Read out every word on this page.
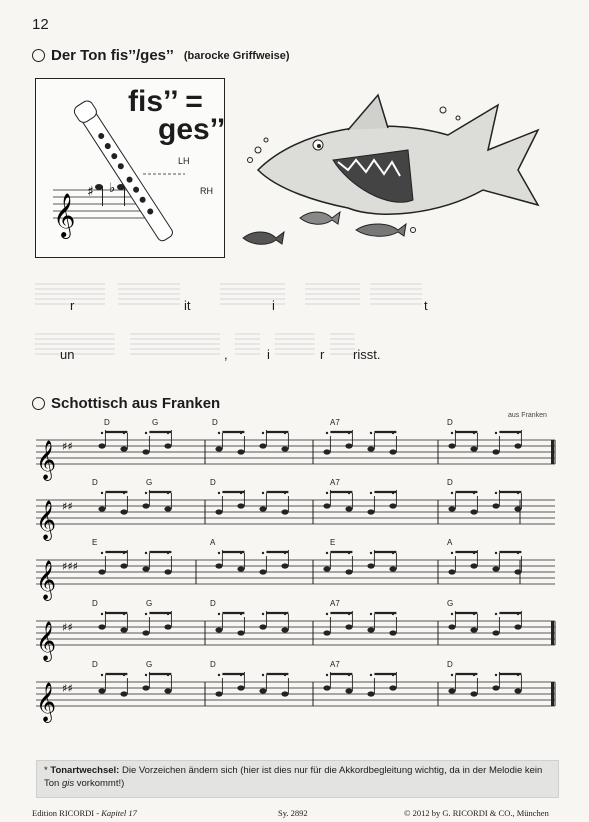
12
Der Ton fis’’/ges’’ (barocke Griffweise)
𝄞
♯ ♭
fis’’ =
ges’’
LH
RH
r	it	i	t
un	,	i	r risst.
Schottisch aus Franken
aus Franken
𝄞 ♯♯
D	G	D	A7	D
𝄞 ♯♯
D	G	D	A7	D
𝄞 ♯♯♯
E	A	E	A
𝄞 ♯♯
D	G	D	A7	G
𝄞 ♯♯
D	G	D	A7	D
* Tonartwechsel: Die Vorzeichen ändern sich (hier ist dies nur für die Akkordbegleitung wichtig, da in der Melodie kein Ton gis vorkommt!)
Edition RICORDI - Kapitel 17	Sy. 2892	© 2012 by G. RICORDI & CO., München
